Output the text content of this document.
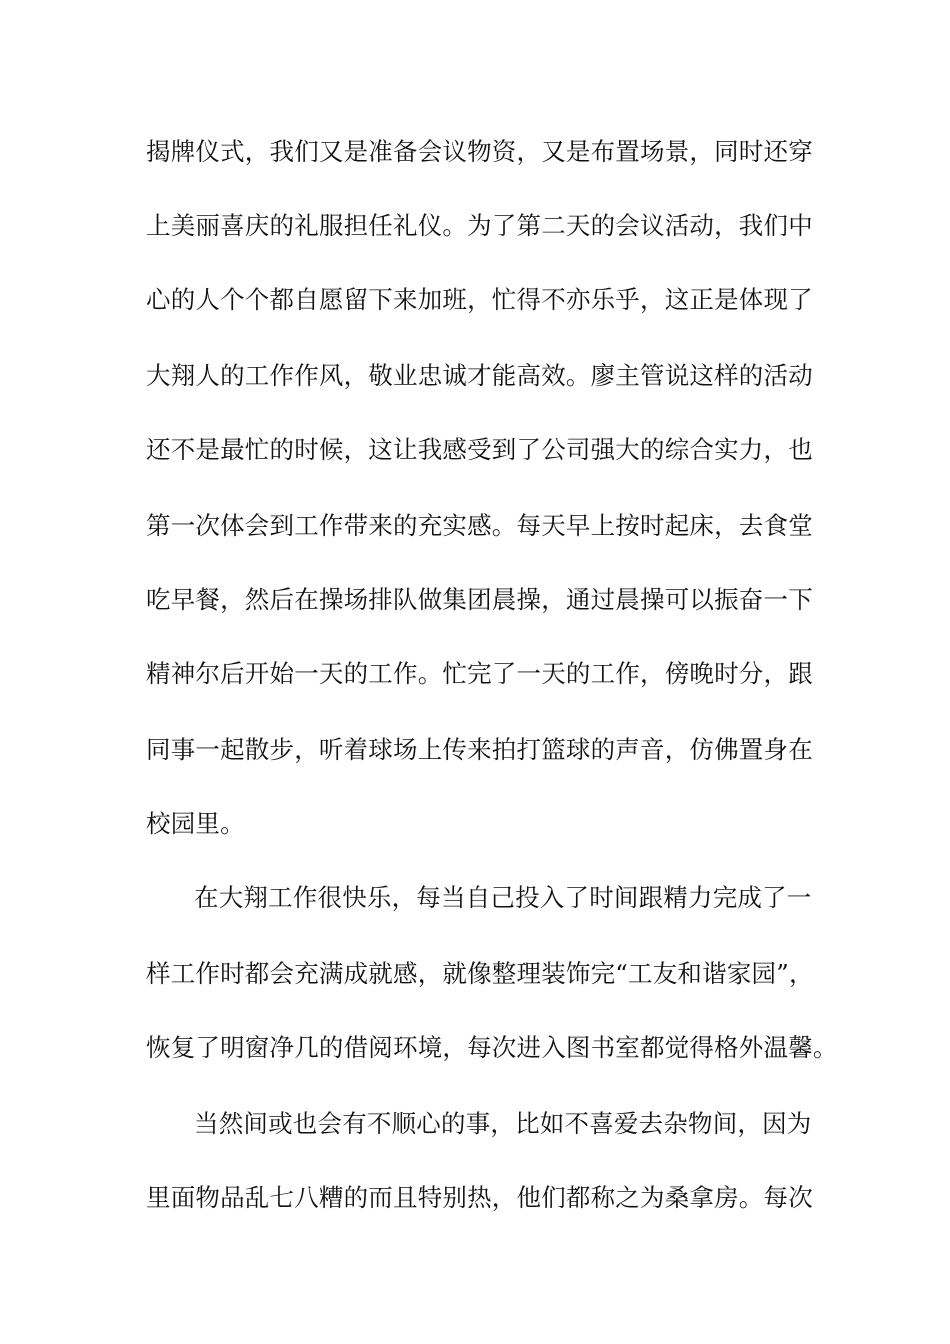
揭牌仪式，我们又是准备会议物资，又是布置场景，同时还穿
上美丽喜庆的礼服担任礼仪。为了第二天的会议活动，我们中
心的人个个都自愿留下来加班，忙得不亦乐乎，这正是体现了
大翔人的工作作风，敬业忠诚才能高效。廖主管说这样的活动
还不是最忙的时候，这让我感受到了公司强大的综合实力，也
第一次体会到工作带来的充实感。每天早上按时起床，去食堂
吃早餐，然后在操场排队做集团晨操，通过晨操可以振奋一下
精神尔后开始一天的工作。忙完了一天的工作，傍晚时分，跟
同事一起散步，听着球场上传来拍打篮球的声音，仿佛置身在
校园里。
在大翔工作很快乐，每当自己投入了时间跟精力完成了一
样工作时都会充满成就感，就像整理装饰完“工友和谐家园”，
恢复了明窗净几的借阅环境，每次进入图书室都觉得格外温馨。
当然间或也会有不顺心的事，比如不喜爱去杂物间，因为
里面物品乱七八糟的而且特别热，他们都称之为桑拿房。每次
